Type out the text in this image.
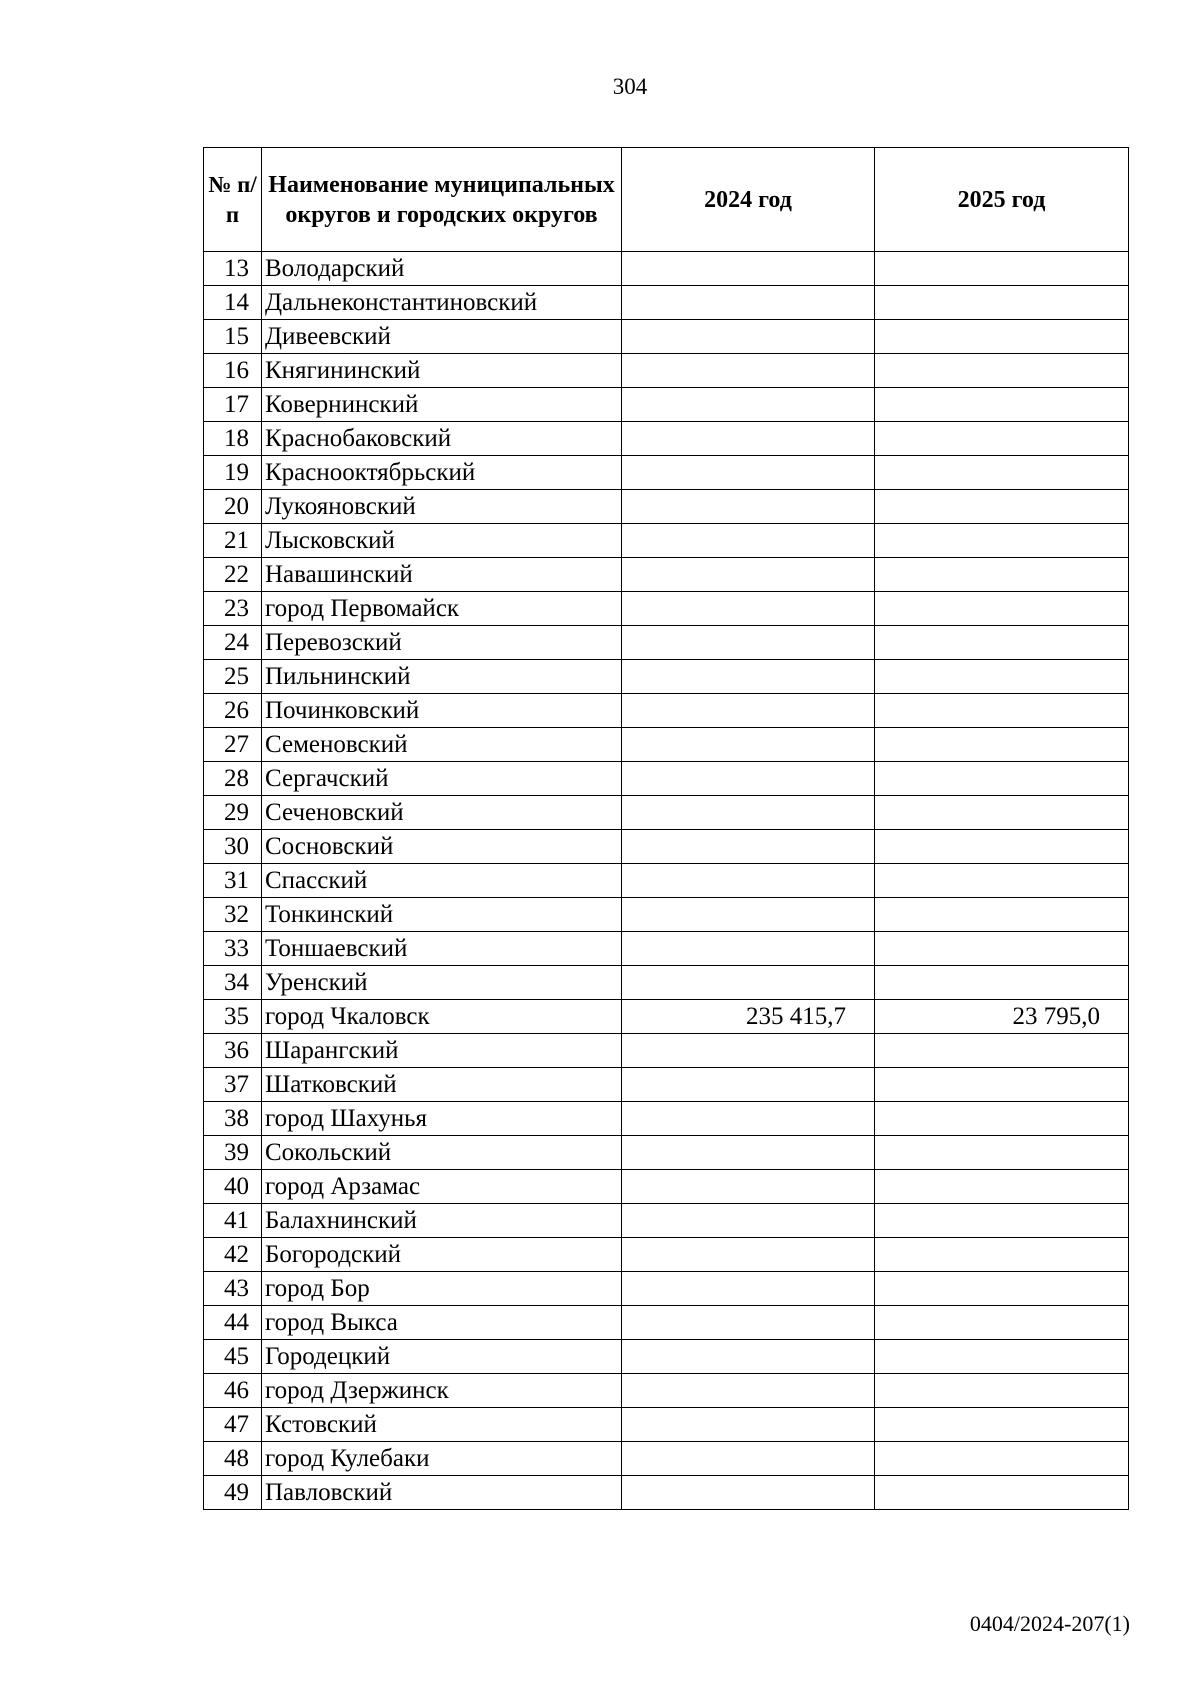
304
№ п/п	Наименование муниципальных округов и городских округов	2024 год	2025 год
13	Володарский		
14	Дальнеконстантиновский		
15	Дивеевский		
16	Княгининский		
17	Ковернинский		
18	Краснобаковский		
19	Краснооктябрьский		
20	Лукояновский		
21	Лысковский		
22	Навашинский		
23	город Первомайск		
24	Перевозский		
25	Пильнинский		
26	Починковский		
27	Семеновский		
28	Сергачский		
29	Сеченовский		
30	Сосновский		
31	Спасский		
32	Тонкинский		
33	Тоншаевский		
34	Уренский		
35	город Чкаловск	235 415,7	23 795,0
36	Шарангский		
37	Шатковский		
38	город Шахунья		
39	Сокольский		
40	город Арзамас		
41	Балахнинский		
42	Богородский		
43	город Бор		
44	город Выкса		
45	Городецкий		
46	город Дзержинск		
47	Кстовский		
48	город Кулебаки		
49	Павловский		
0404/2024-207(1)
